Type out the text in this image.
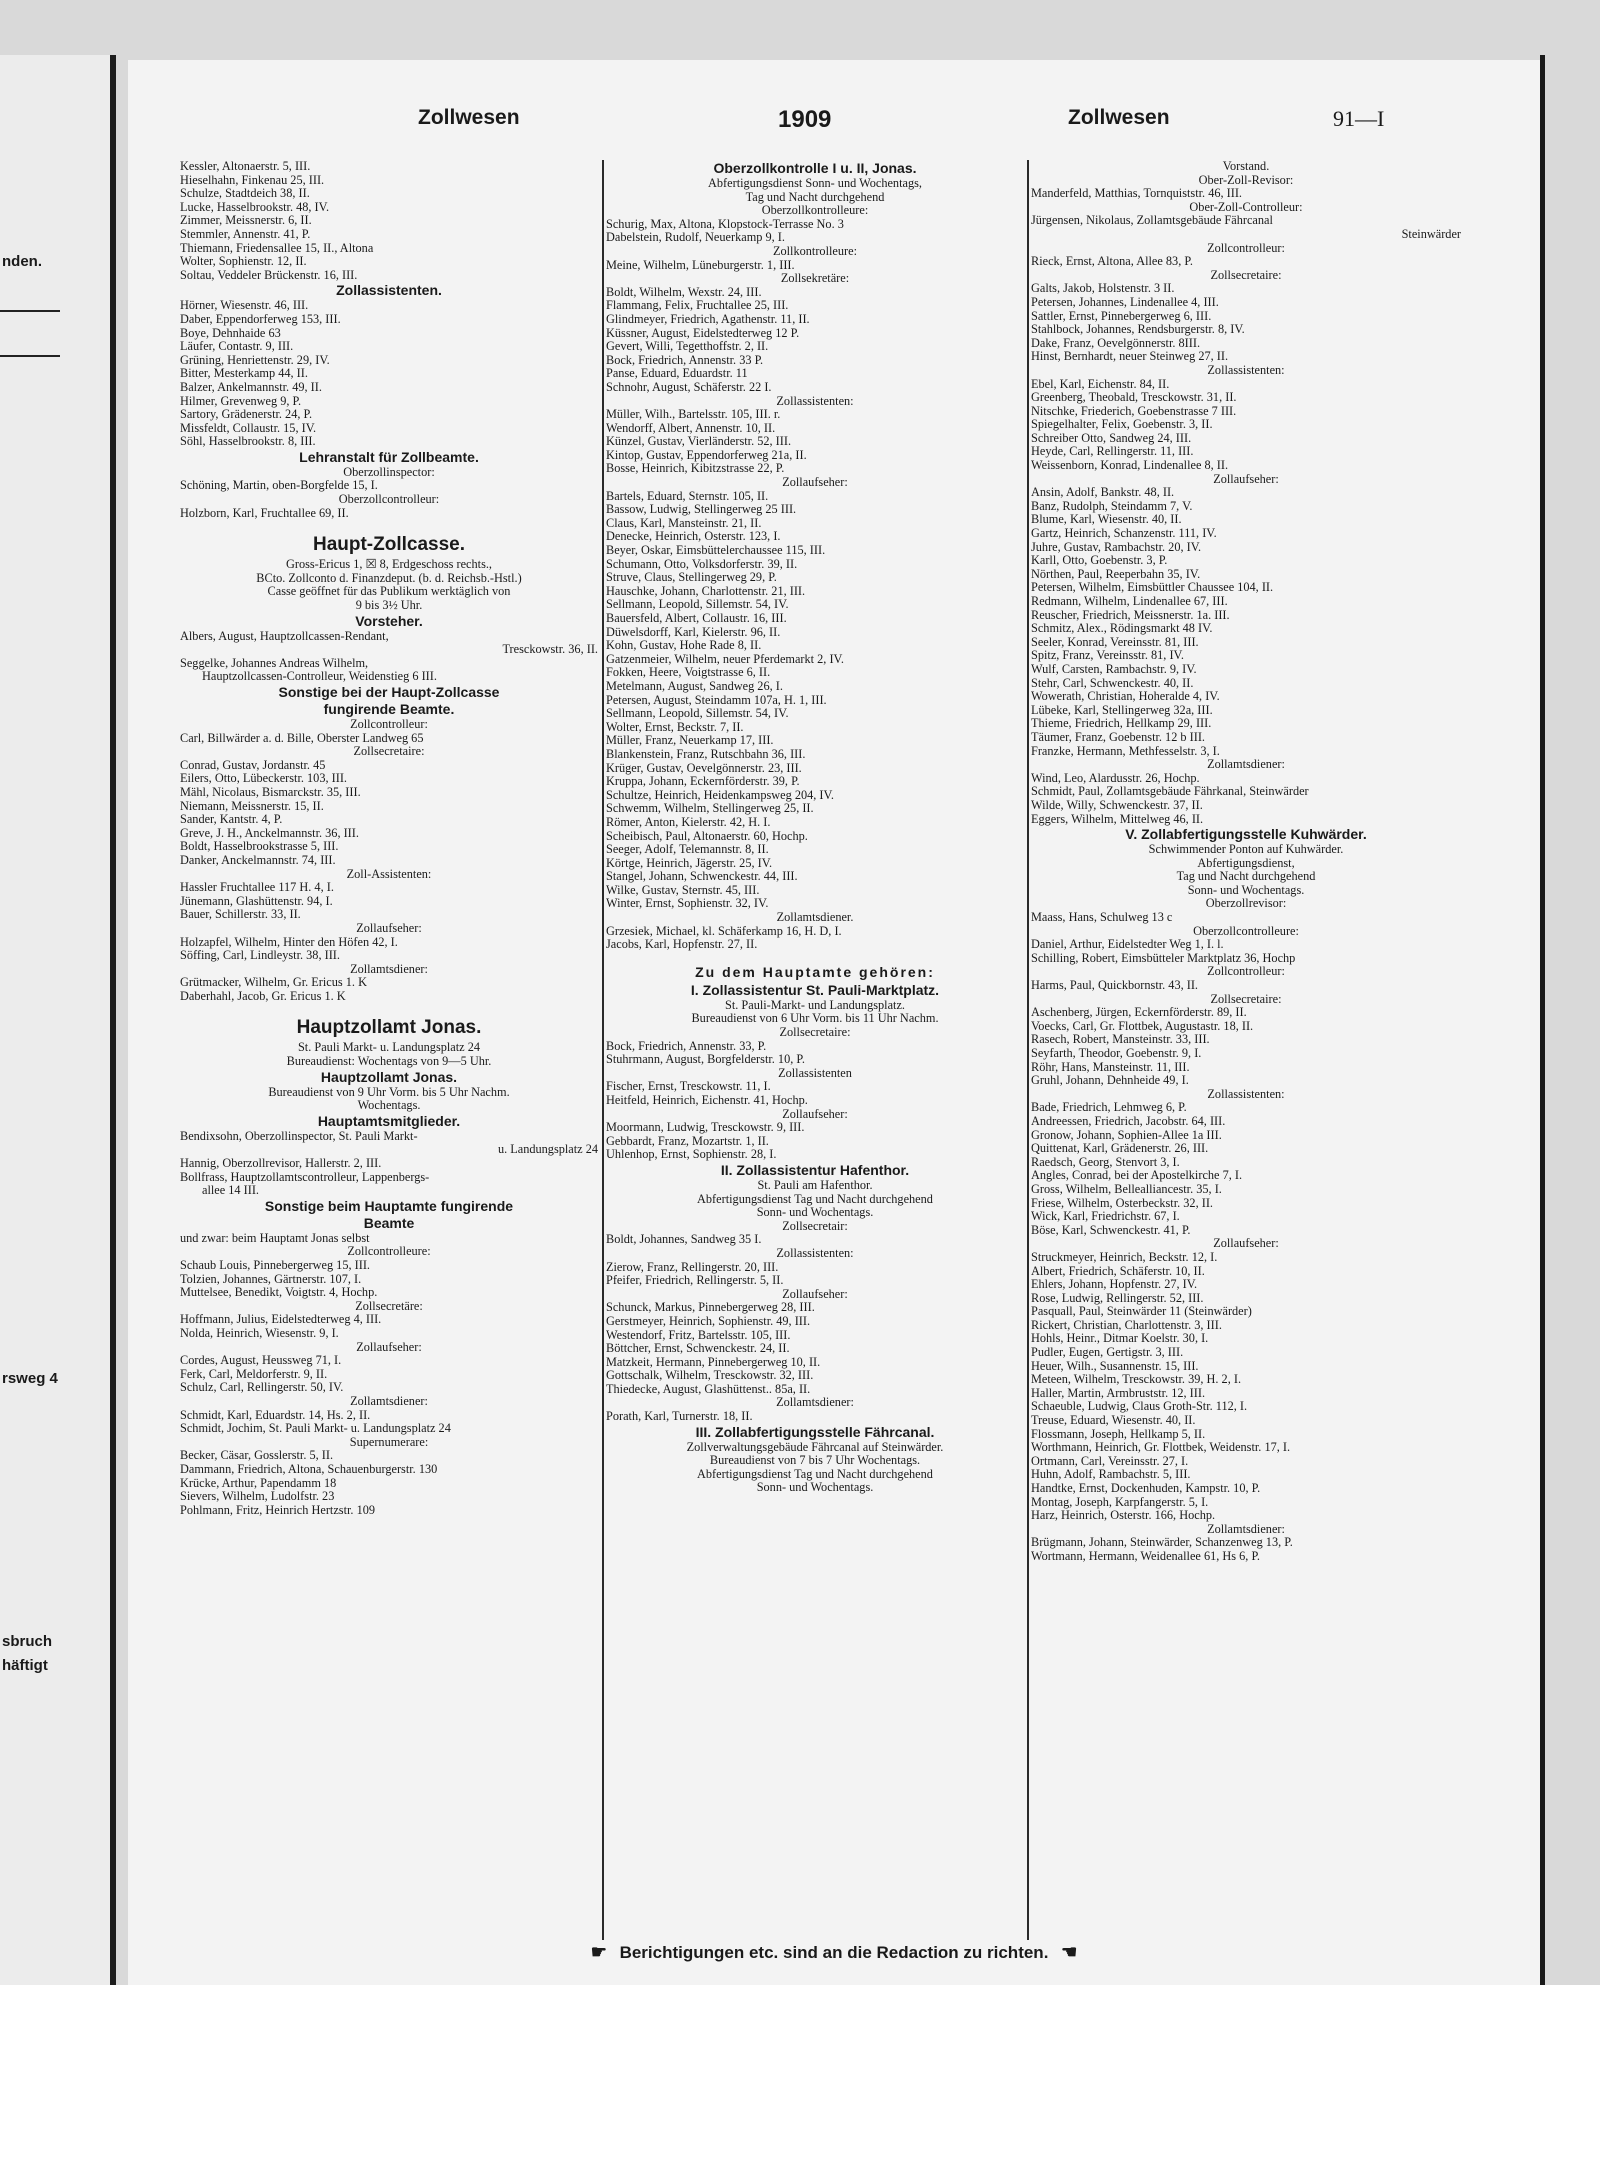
nden.
rsweg 4
sbruch
häftigt
Zollwesen	1909	Zollwesen	91—I
Kessler, Altonaerstr. 5, III.
Hieselhahn, Finkenau 25, III.
Schulze, Stadtdeich 38, II.
Lucke, Hasselbrookstr. 48, IV.
Zimmer, Meissnerstr. 6, II.
Stemmler, Annenstr. 41, P.
Thiemann, Friedensallee 15, II., Altona
Wolter, Sophienstr. 12, II.
Soltau, Veddeler Brückenstr. 16, III.
Zollassistenten.
Hörner, Wiesenstr. 46, III.
Daber, Eppendorferweg 153, III.
Boye, Dehnhaide 63
Läufer, Contastr. 9, III.
Grüning, Henriettenstr. 29, IV.
Bitter, Mesterkamp 44, II.
Balzer, Ankelmannstr. 49, II.
Hilmer, Grevenweg 9, P.
Sartory, Grädenerstr. 24, P.
Missfeldt, Collaustr. 15, IV.
Söhl, Hasselbrookstr. 8, III.
Lehranstalt für Zollbeamte.
Oberzollinspector:
Schöning, Martin, oben-Borgfelde 15, I.
Oberzollcontrolleur:
Holzborn, Karl, Fruchtallee 69, II.
Haupt-Zollcasse.
Gross-Ericus 1, ☒ 8, Erdgeschoss rechts.,
BCto. Zollconto d. Finanzdeput. (b. d. Reichsb.-Hstl.)
Casse geöffnet für das Publikum werktäglich von
9 bis 3½ Uhr.
Vorsteher.
Albers, August, Hauptzollcassen-Rendant,
Tresckowstr. 36, II.
Seggelke, Johannes Andreas Wilhelm,
Hauptzollcassen-Controlleur, Weidenstieg 6 III.
Sonstige bei der Haupt-Zollcasse
fungirende Beamte.
Zollcontrolleur:
Carl, Billwärder a. d. Bille, Oberster Landweg 65
Zollsecretaire:
Conrad, Gustav, Jordanstr. 45
Eilers, Otto, Lübeckerstr. 103, III.
Mähl, Nicolaus, Bismarckstr. 35, III.
Niemann, Meissnerstr. 15, II.
Sander, Kantstr. 4, P.
Greve, J. H., Anckelmannstr. 36, III.
Boldt, Hasselbrookstrasse 5, III.
Danker, Anckelmannstr. 74, III.
Zoll-Assistenten:
Hassler Fruchtallee 117 H. 4, I.
Jünemann, Glashüttenstr. 94, I.
Bauer, Schillerstr. 33, II.
Zollaufseher:
Holzapfel, Wilhelm, Hinter den Höfen 42, I.
Söffing, Carl, Lindleystr. 38, III.
Zollamtsdiener:
Grütmacker, Wilhelm, Gr. Ericus 1. K
Daberhahl, Jacob, Gr. Ericus 1. K
Hauptzollamt Jonas.
St. Pauli Markt- u. Landungsplatz 24
Bureaudienst: Wochentags von 9—5 Uhr.
Hauptzollamt Jonas.
Bureaudienst von 9 Uhr Vorm. bis 5 Uhr Nachm.
Wochentags.
Hauptamtsmitglieder.
Bendixsohn, Oberzollinspector, St. Pauli Markt-
u. Landungsplatz 24
Hannig, Oberzollrevisor, Hallerstr. 2, III.
Bollfrass, Hauptzollamtscontrolleur, Lappenbergs-
allee 14 III.
Sonstige beim Hauptamte fungirende
Beamte
und zwar: beim Hauptamt Jonas selbst
Zollcontrolleure:
Schaub Louis, Pinnebergerweg 15, III.
Tolzien, Johannes, Gärtnerstr. 107, I.
Muttelsee, Benedikt, Voigtstr. 4, Hochp.
Zollsecretäre:
Hoffmann, Julius, Eidelstedterweg 4, III.
Nolda, Heinrich, Wiesenstr. 9, I.
Zollaufseher:
Cordes, August, Heussweg 71, I.
Ferk, Carl, Meldorferstr. 9, II.
Schulz, Carl, Rellingerstr. 50, IV.
Zollamtsdiener:
Schmidt, Karl, Eduardstr. 14, Hs. 2, II.
Schmidt, Jochim, St. Pauli Markt- u. Landungsplatz 24
Supernumerare:
Becker, Cäsar, Gosslerstr. 5, II.
Dammann, Friedrich, Altona, Schauenburgerstr. 130
Krücke, Arthur, Papendamm 18
Sievers, Wilhelm, Ludolfstr. 23
Pohlmann, Fritz, Heinrich Hertzstr. 109
Oberzollkontrolle I u. II, Jonas.
Abfertigungsdienst Sonn- und Wochentags,
Tag und Nacht durchgehend
Oberzollkontrolleure:
Schurig, Max, Altona, Klopstock-Terrasse No. 3
Dabelstein, Rudolf, Neuerkamp 9, I.
Zollkontrolleure:
Meine, Wilhelm, Lüneburgerstr. 1, III.
Zollsekretäre:
Boldt, Wilhelm, Wexstr. 24, III.
Flammang, Felix, Fruchtallee 25, III.
Glindmeyer, Friedrich, Agathenstr. 11, II.
Küssner, August, Eidelstedterweg 12 P.
Gevert, Willi, Tegetthoffstr. 2, II.
Bock, Friedrich, Annenstr. 33 P.
Panse, Eduard, Eduardstr. 11
Schnohr, August, Schäferstr. 22 I.
Zollassistenten:
Müller, Wilh., Bartelsstr. 105, III. r.
Wendorff, Albert, Annenstr. 10, II.
Künzel, Gustav, Vierländerstr. 52, III.
Kintop, Gustav, Eppendorferweg 21a, II.
Bosse, Heinrich, Kibitzstrasse 22, P.
Zollaufseher:
Bartels, Eduard, Sternstr. 105, II.
Bassow, Ludwig, Stellingerweg 25 III.
Claus, Karl, Mansteinstr. 21, II.
Denecke, Heinrich, Osterstr. 123, I.
Beyer, Oskar, Eimsbüttelerchaussee 115, III.
Schumann, Otto, Volksdorferstr. 39, II.
Struve, Claus, Stellingerweg 29, P.
Hauschke, Johann, Charlottenstr. 21, III.
Sellmann, Leopold, Sillemstr. 54, IV.
Bauersfeld, Albert, Collaustr. 16, III.
Düwelsdorff, Karl, Kielerstr. 96, II.
Kohn, Gustav, Hohe Rade 8, II.
Gatzenmeier, Wilhelm, neuer Pferdemarkt 2, IV.
Fokken, Heere, Voigtstrasse 6, II.
Metelmann, August, Sandweg 26, I.
Petersen, August, Steindamm 107a, H. 1, III.
Sellmann, Leopold, Sillemstr. 54, IV.
Wolter, Ernst, Beckstr. 7, II.
Müller, Franz, Neuerkamp 17, III.
Blankenstein, Franz, Rutschbahn 36, III.
Krüger, Gustav, Oevelgönnerstr. 23, III.
Kruppa, Johann, Eckernförderstr. 39, P.
Schultze, Heinrich, Heidenkampsweg 204, IV.
Schwemm, Wilhelm, Stellingerweg 25, II.
Römer, Anton, Kielerstr. 42, H. I.
Scheibisch, Paul, Altonaerstr. 60, Hochp.
Seeger, Adolf, Telemannstr. 8, II.
Körtge, Heinrich, Jägerstr. 25, IV.
Stangel, Johann, Schwenckestr. 44, III.
Wilke, Gustav, Sternstr. 45, III.
Winter, Ernst, Sophienstr. 32, IV.
Zollamtsdiener.
Grzesiek, Michael, kl. Schäferkamp 16, H. D, I.
Jacobs, Karl, Hopfenstr. 27, II.
Zu dem Hauptamte gehören:
I. Zollassistentur St. Pauli-Marktplatz.
St. Pauli-Markt- und Landungsplatz.
Bureaudienst von 6 Uhr Vorm. bis 11 Uhr Nachm.
Zollsecretaire:
Bock, Friedrich, Annenstr. 33, P.
Stuhrmann, August, Borgfelderstr. 10, P.
Zollassistenten
Fischer, Ernst, Tresckowstr. 11, I.
Heitfeld, Heinrich, Eichenstr. 41, Hochp.
Zollaufseher:
Moormann, Ludwig, Tresckowstr. 9, III.
Gebbardt, Franz, Mozartstr. 1, II.
Uhlenhop, Ernst, Sophienstr. 28, I.
II. Zollassistentur Hafenthor.
St. Pauli am Hafenthor.
Abfertigungsdienst Tag und Nacht durchgehend
Sonn- und Wochentags.
Zollsecretair:
Boldt, Johannes, Sandweg 35 I.
Zollassistenten:
Zierow, Franz, Rellingerstr. 20, III.
Pfeifer, Friedrich, Rellingerstr. 5, II.
Zollaufseher:
Schunck, Markus, Pinnebergerweg 28, III.
Gerstmeyer, Heinrich, Sophienstr. 49, III.
Westendorf, Fritz, Bartelsstr. 105, III.
Böttcher, Ernst, Schwenckestr. 24, II.
Matzkeit, Hermann, Pinnebergerweg 10, II.
Gottschalk, Wilhelm, Tresckowstr. 32, III.
Thiedecke, August, Glashüttenst.. 85a, II.
Zollamtsdiener:
Porath, Karl, Turnerstr. 18, II.
III. Zollabfertigungsstelle Fährcanal.
Zollverwaltungsgebäude Fährcanal auf Steinwärder.
Bureaudienst von 7 bis 7 Uhr Wochentags.
Abfertigungsdienst Tag und Nacht durchgehend
Sonn- und Wochentags.
Vorstand.
Ober-Zoll-Revisor:
Manderfeld, Matthias, Tornquiststr. 46, III.
Ober-Zoll-Controlleur:
Jürgensen, Nikolaus, Zollamtsgebäude Fährcanal
Steinwärder
Zollcontrolleur:
Rieck, Ernst, Altona, Allee 83, P.
Zollsecretaire:
Galts, Jakob, Holstenstr. 3 II.
Petersen, Johannes, Lindenallee 4, III.
Sattler, Ernst, Pinnebergerweg 6, III.
Stahlbock, Johannes, Rendsburgerstr. 8, IV.
Dake, Franz, Oevelgönnerstr. 8III.
Hinst, Bernhardt, neuer Steinweg 27, II.
Zollassistenten:
Ebel, Karl, Eichenstr. 84, II.
Greenberg, Theobald, Tresckowstr. 31, II.
Nitschke, Friederich, Goebenstrasse 7 III.
Spiegelhalter, Felix, Goebenstr. 3, II.
Schreiber Otto, Sandweg 24, III.
Heyde, Carl, Rellingerstr. 11, III.
Weissenborn, Konrad, Lindenallee 8, II.
Zollaufseher:
Ansin, Adolf, Bankstr. 48, II.
Banz, Rudolph, Steindamm 7, V.
Blume, Karl, Wiesenstr. 40, II.
Gartz, Heinrich, Schanzenstr. 111, IV.
Juhre, Gustav, Rambachstr. 20, IV.
Karll, Otto, Goebenstr. 3, P.
Nörthen, Paul, Reeperbahn 35, IV.
Petersen, Wilhelm, Eimsbüttler Chaussee 104, II.
Redmann, Wilhelm, Lindenallee 67, III.
Reuscher, Friedrich, Meissnerstr. 1a. III.
Schmitz, Alex., Rödingsmarkt 48 IV.
Seeler, Konrad, Vereinsstr. 81, III.
Spitz, Franz, Vereinsstr. 81, IV.
Wulf, Carsten, Rambachstr. 9, IV.
Stehr, Carl, Schwenckestr. 40, II.
Wowerath, Christian, Hoheralde 4, IV.
Lübeke, Karl, Stellingerweg 32a, III.
Thieme, Friedrich, Hellkamp 29, III.
Täumer, Franz, Goebenstr. 12 b III.
Franzke, Hermann, Methfesselstr. 3, I.
Zollamtsdiener:
Wind, Leo, Alardusstr. 26, Hochp.
Schmidt, Paul, Zollamtsgebäude Fährkanal, Steinwärder
Wilde, Willy, Schwenckestr. 37, II.
Eggers, Wilhelm, Mittelweg 46, II.
V. Zollabfertigungsstelle Kuhwärder.
Schwimmender Ponton auf Kuhwärder.
Abfertigungsdienst,
Tag und Nacht durchgehend
Sonn- und Wochentags.
Oberzollrevisor:
Maass, Hans, Schulweg 13 c
Oberzollcontrolleure:
Daniel, Arthur, Eidelstedter Weg 1, I. l.
Schilling, Robert, Eimsbütteler Marktplatz 36, Hochp
Zollcontrolleur:
Harms, Paul, Quickbornstr. 43, II.
Zollsecretaire:
Aschenberg, Jürgen, Eckernförderstr. 89, II.
Voecks, Carl, Gr. Flottbek, Augustastr. 18, II.
Rasech, Robert, Mansteinstr. 33, III.
Seyfarth, Theodor, Goebenstr. 9, I.
Röhr, Hans, Mansteinstr. 11, III.
Gruhl, Johann, Dehnheide 49, I.
Zollassistenten:
Bade, Friedrich, Lehmweg 6, P.
Andreessen, Friedrich, Jacobstr. 64, III.
Gronow, Johann, Sophien-Allee 1a III.
Quittenat, Karl, Grädenerstr. 26, III.
Raedsch, Georg, Stenvort 3, I.
Angles, Conrad, bei der Apostelkirche 7, I.
Gross, Wilhelm, Bellealliancestr. 35, I.
Friese, Wilhelm, Osterbeckstr. 32, II.
Wick, Karl, Friedrichstr. 67, I.
Böse, Karl, Schwenckestr. 41, P.
Zollaufseher:
Struckmeyer, Heinrich, Beckstr. 12, I.
Albert, Friedrich, Schäferstr. 10, II.
Ehlers, Johann, Hopfenstr. 27, IV.
Rose, Ludwig, Rellingerstr. 52, III.
Pasquall, Paul, Steinwärder 11 (Steinwärder)
Rickert, Christian, Charlottenstr. 3, III.
Hohls, Heinr., Ditmar Koelstr. 30, I.
Pudler, Eugen, Gertigstr. 3, III.
Heuer, Wilh., Susannenstr. 15, III.
Meteen, Wilhelm, Tresckowstr. 39, H. 2, I.
Haller, Martin, Armbruststr. 12, III.
Schaeuble, Ludwig, Claus Groth-Str. 112, I.
Treuse, Eduard, Wiesenstr. 40, II.
Flossmann, Joseph, Hellkamp 5, II.
Worthmann, Heinrich, Gr. Flottbek, Weidenstr. 17, I.
Ortmann, Carl, Vereinsstr. 27, I.
Huhn, Adolf, Rambachstr. 5, III.
Handtke, Ernst, Dockenhuden, Kampstr. 10, P.
Montag, Joseph, Karpfangerstr. 5, I.
Harz, Heinrich, Osterstr. 166, Hochp.
Zollamtsdiener:
Brügmann, Johann, Steinwärder, Schanzenweg 13, P.
Wortmann, Hermann, Weidenallee 61, Hs 6, P.
☛ Berichtigungen etc. sind an die Redaction zu richten. ☚
